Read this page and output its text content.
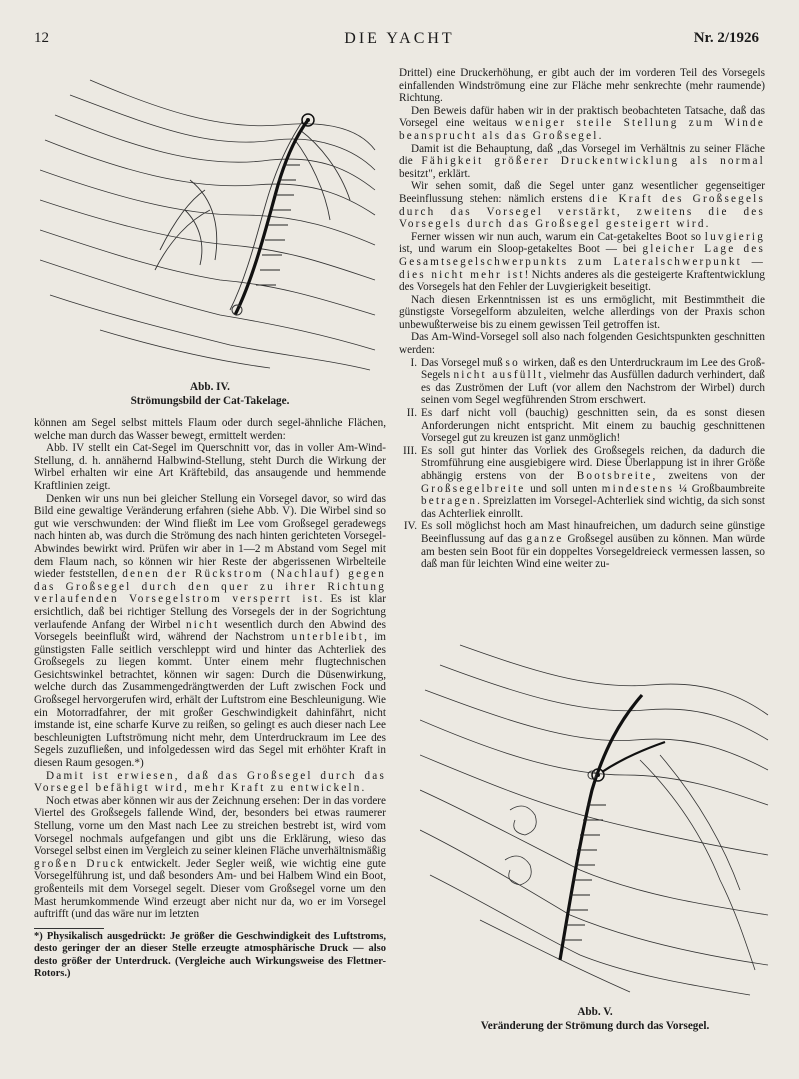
12	DIE YACHT	Nr. 2/1926
Abb. IV.
Strömungsbild der Cat-Takelage.

können am Segel selbst mittels Flaum oder durch segel-ähnliche Flächen, welche man durch das Wasser bewegt, ermittelt werden:

Abb. IV stellt ein Cat-Segel im Querschnitt vor, das in voller Am-Wind-Stellung, d. h. annähernd Halbwind-Stellung, steht Durch die Wirkung der Wirbel erhalten wir eine Art Kräftebild, das ansaugende und hemmende Kraftlinien zeigt.

Denken wir uns nun bei gleicher Stellung ein Vorsegel davor, so wird das Bild eine gewaltige Veränderung erfahren (siehe Abb. V). Die Wirbel sind so gut wie verschwunden: der Wind fließt im Lee vom Großsegel geradewegs nach hinten ab, was durch die Strömung des nach hinten gerichteten Vorsegel-Abwindes bewirkt wird. Prüfen wir aber in 1—2 m Abstand vom Segel mit dem Flaum nach, so können wir hier Reste der abgerissenen Wirbelteile wieder feststellen, denen der Rückstrom (Nachlauf) gegen das Großsegel durch den quer zu ihrer Richtung verlaufenden Vorsegelstrom versperrt ist. Es ist klar ersichtlich, daß bei richtiger Stellung des Vorsegels der in der Sogrichtung verlaufende Anfang der Wirbel nicht wesentlich durch den Abwind des Vorsegels beeinflußt wird, während der Nachstrom unterbleibt, im günstigsten Falle seitlich verschleppt wird und hinter das Achterliek des Großsegels zu liegen kommt. Unter einem mehr flugtechnischen Gesichtswinkel betrachtet, können wir sagen: Durch die Düsenwirkung, welche durch das Zusammengedrängtwerden der Luft zwischen Fock und Großsegel hervorgerufen wird, erhält der Luftstrom eine Beschleunigung. Wie ein Motorradfahrer, der mit großer Geschwindigkeit dahinfährt, nicht imstande ist, eine scharfe Kurve zu reißen, so gelingt es auch dieser nach Lee beschleunigten Luftströmung nicht mehr, dem Unterdruckraum im Lee des Segels zuzufließen, und infolgedessen wird das Segel mit erhöhter Kraft in diesen Raum gesogen.*)

Damit ist erwiesen, daß das Großsegel durch das Vorsegel befähigt wird, mehr Kraft zu entwickeln.

Noch etwas aber können wir aus der Zeichnung ersehen: Der in das vordere Viertel des Großsegels fallende Wind, der, besonders bei etwas raumerer Stellung, vorne um den Mast nach Lee zu streichen bestrebt ist, wird vom Vorsegel nochmals aufgefangen und gibt uns die Erklärung, wieso das Vorsegel selbst einen im Vergleich zu seiner kleinen Fläche unverhältnismäßig großen Druck entwickelt. Jeder Segler weiß, wie wichtig eine gute Vorsegelführung ist, und daß besonders Am- und bei Halbem Wind ein Boot, großenteils mit dem Vorsegel segelt. Dieser vom Großsegel vorne um den Mast herumkommende Wind erzeugt aber nicht nur da, wo er im Vorsegel auftrifft (und das wäre nur im letzten

*) Physikalisch ausgedrückt: Je größer die Geschwindigkeit des Luftstroms, desto geringer der an dieser Stelle erzeugte atmosphärische Druck — also desto größer der Unterdruck. (Vergleiche auch Wirkungsweise des Flettner-Rotors.)

Drittel) eine Druckerhöhung, er gibt auch der im vorderen Teil des Vorsegels einfallenden Windströmung eine zur Fläche mehr senkrechte (mehr raumende) Richtung.

Den Beweis dafür haben wir in der praktisch beobachteten Tatsache, daß das Vorsegel eine weitaus weniger steile Stellung zum Winde beansprucht als das Großsegel.

Damit ist die Behauptung, daß „das Vorsegel im Verhältnis zu seiner Fläche die Fähigkeit größerer Druckentwicklung als normal besitzt", erklärt.

Wir sehen somit, daß die Segel unter ganz wesentlicher gegenseitiger Beeinflussung stehen: nämlich erstens die Kraft des Großsegels durch das Vorsegel verstärkt, zweitens die des Vorsegels durch das Großsegel gesteigert wird.

Ferner wissen wir nun auch, warum ein Cat-getakeltes Boot so luvgierig ist, und warum ein Sloop-getakeltes Boot — bei gleicher Lage des Gesamtsegelschwerpunkts zum Lateralschwerpunkt — dies nicht mehr ist! Nichts anderes als die gesteigerte Kraftentwicklung des Vorsegels hat den Fehler der Luvgierigkeit beseitigt.

Nach diesen Erkenntnissen ist es uns ermöglicht, mit Bestimmtheit die günstigste Vorsegelform abzuleiten, welche allerdings von der Praxis schon unbewußterweise bis zu einem gewissen Teil getroffen ist.

Das Am-Wind-Vorsegel soll also nach folgenden Gesichtspunkten geschnitten werden:

I. Das Vorsegel muß so wirken, daß es den Unterdruckraum im Lee des Groß-Segels nicht ausfüllt, vielmehr das Ausfüllen dadurch verhindert, daß es das Zuströmen der Luft (vor allem den Nachstrom der Wirbel) durch seinen vom Segel wegführenden Strom erschwert.
II. Es darf nicht voll (bauchig) geschnitten sein, da es sonst diesen Anforderungen nicht entspricht. Mit einem zu bauchig geschnittenen Vorsegel gut zu kreuzen ist ganz unmöglich!
III. Es soll gut hinter das Vorliek des Großsegels reichen, da dadurch die Stromführung eine ausgiebigere wird. Diese Überlappung ist in ihrer Größe abhängig erstens von der Bootsbreite, zweitens von der Großsegelbreite und soll unten mindestens ¼ Großbaumbreite betragen. Spreizlatten im Vorsegel-Achterliek sind wichtig, da sich sonst das Achterliek einrollt.
IV. Es soll möglichst hoch am Mast hinaufreichen, um dadurch seine günstige Beeinflussung auf das ganze Großsegel ausüben zu können. Man würde am besten sein Boot für ein doppeltes Vorsegeldreieck vermessen lassen, so daß man für leichten Wind eine weiter zu-
Abb. V.
Veränderung der Strömung durch das Vorsegel.
